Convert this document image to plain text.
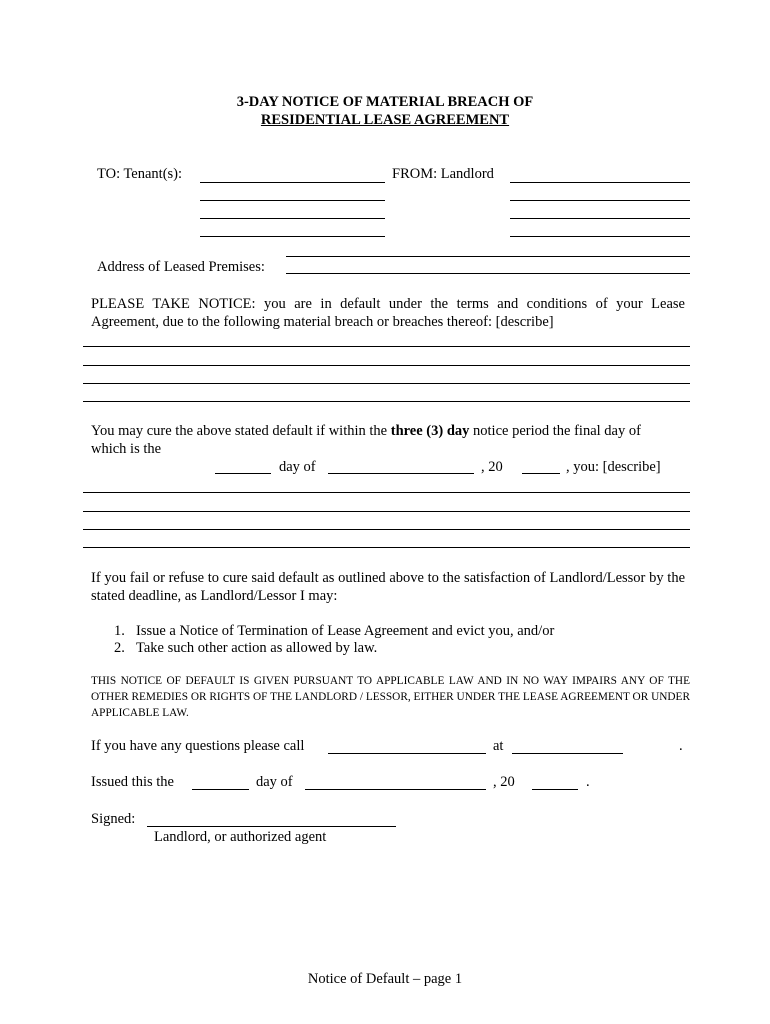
3-DAY NOTICE OF MATERIAL BREACH OF
RESIDENTIAL LEASE AGREEMENT
TO: Tenant(s):	FROM: Landlord
Address of Leased Premises:
PLEASE TAKE NOTICE: you are in default under the terms and conditions of your Lease Agreement, due to the following material breach or breaches thereof: [describe]
You may cure the above stated default if within the three (3) day notice period the final day of
which is the
day of	, 20	, you: [describe]
If you fail or refuse to cure said default as outlined above to the satisfaction of Landlord/Lessor by the stated deadline, as Landlord/Lessor I may:
1. Issue a Notice of Termination of Lease Agreement and evict you, and/or
2. Take such other action as allowed by law.
THIS NOTICE OF DEFAULT IS GIVEN PURSUANT TO APPLICABLE LAW AND IN NO WAY IMPAIRS ANY OF THE OTHER REMEDIES OR RIGHTS OF THE LANDLORD / LESSOR, EITHER UNDER THE LEASE AGREEMENT OR UNDER APPLICABLE LAW.
If you have any questions please call	at	.
Issued this the	day of	, 20	.
Signed:
Landlord, or authorized agent
Notice of Default – page 1
